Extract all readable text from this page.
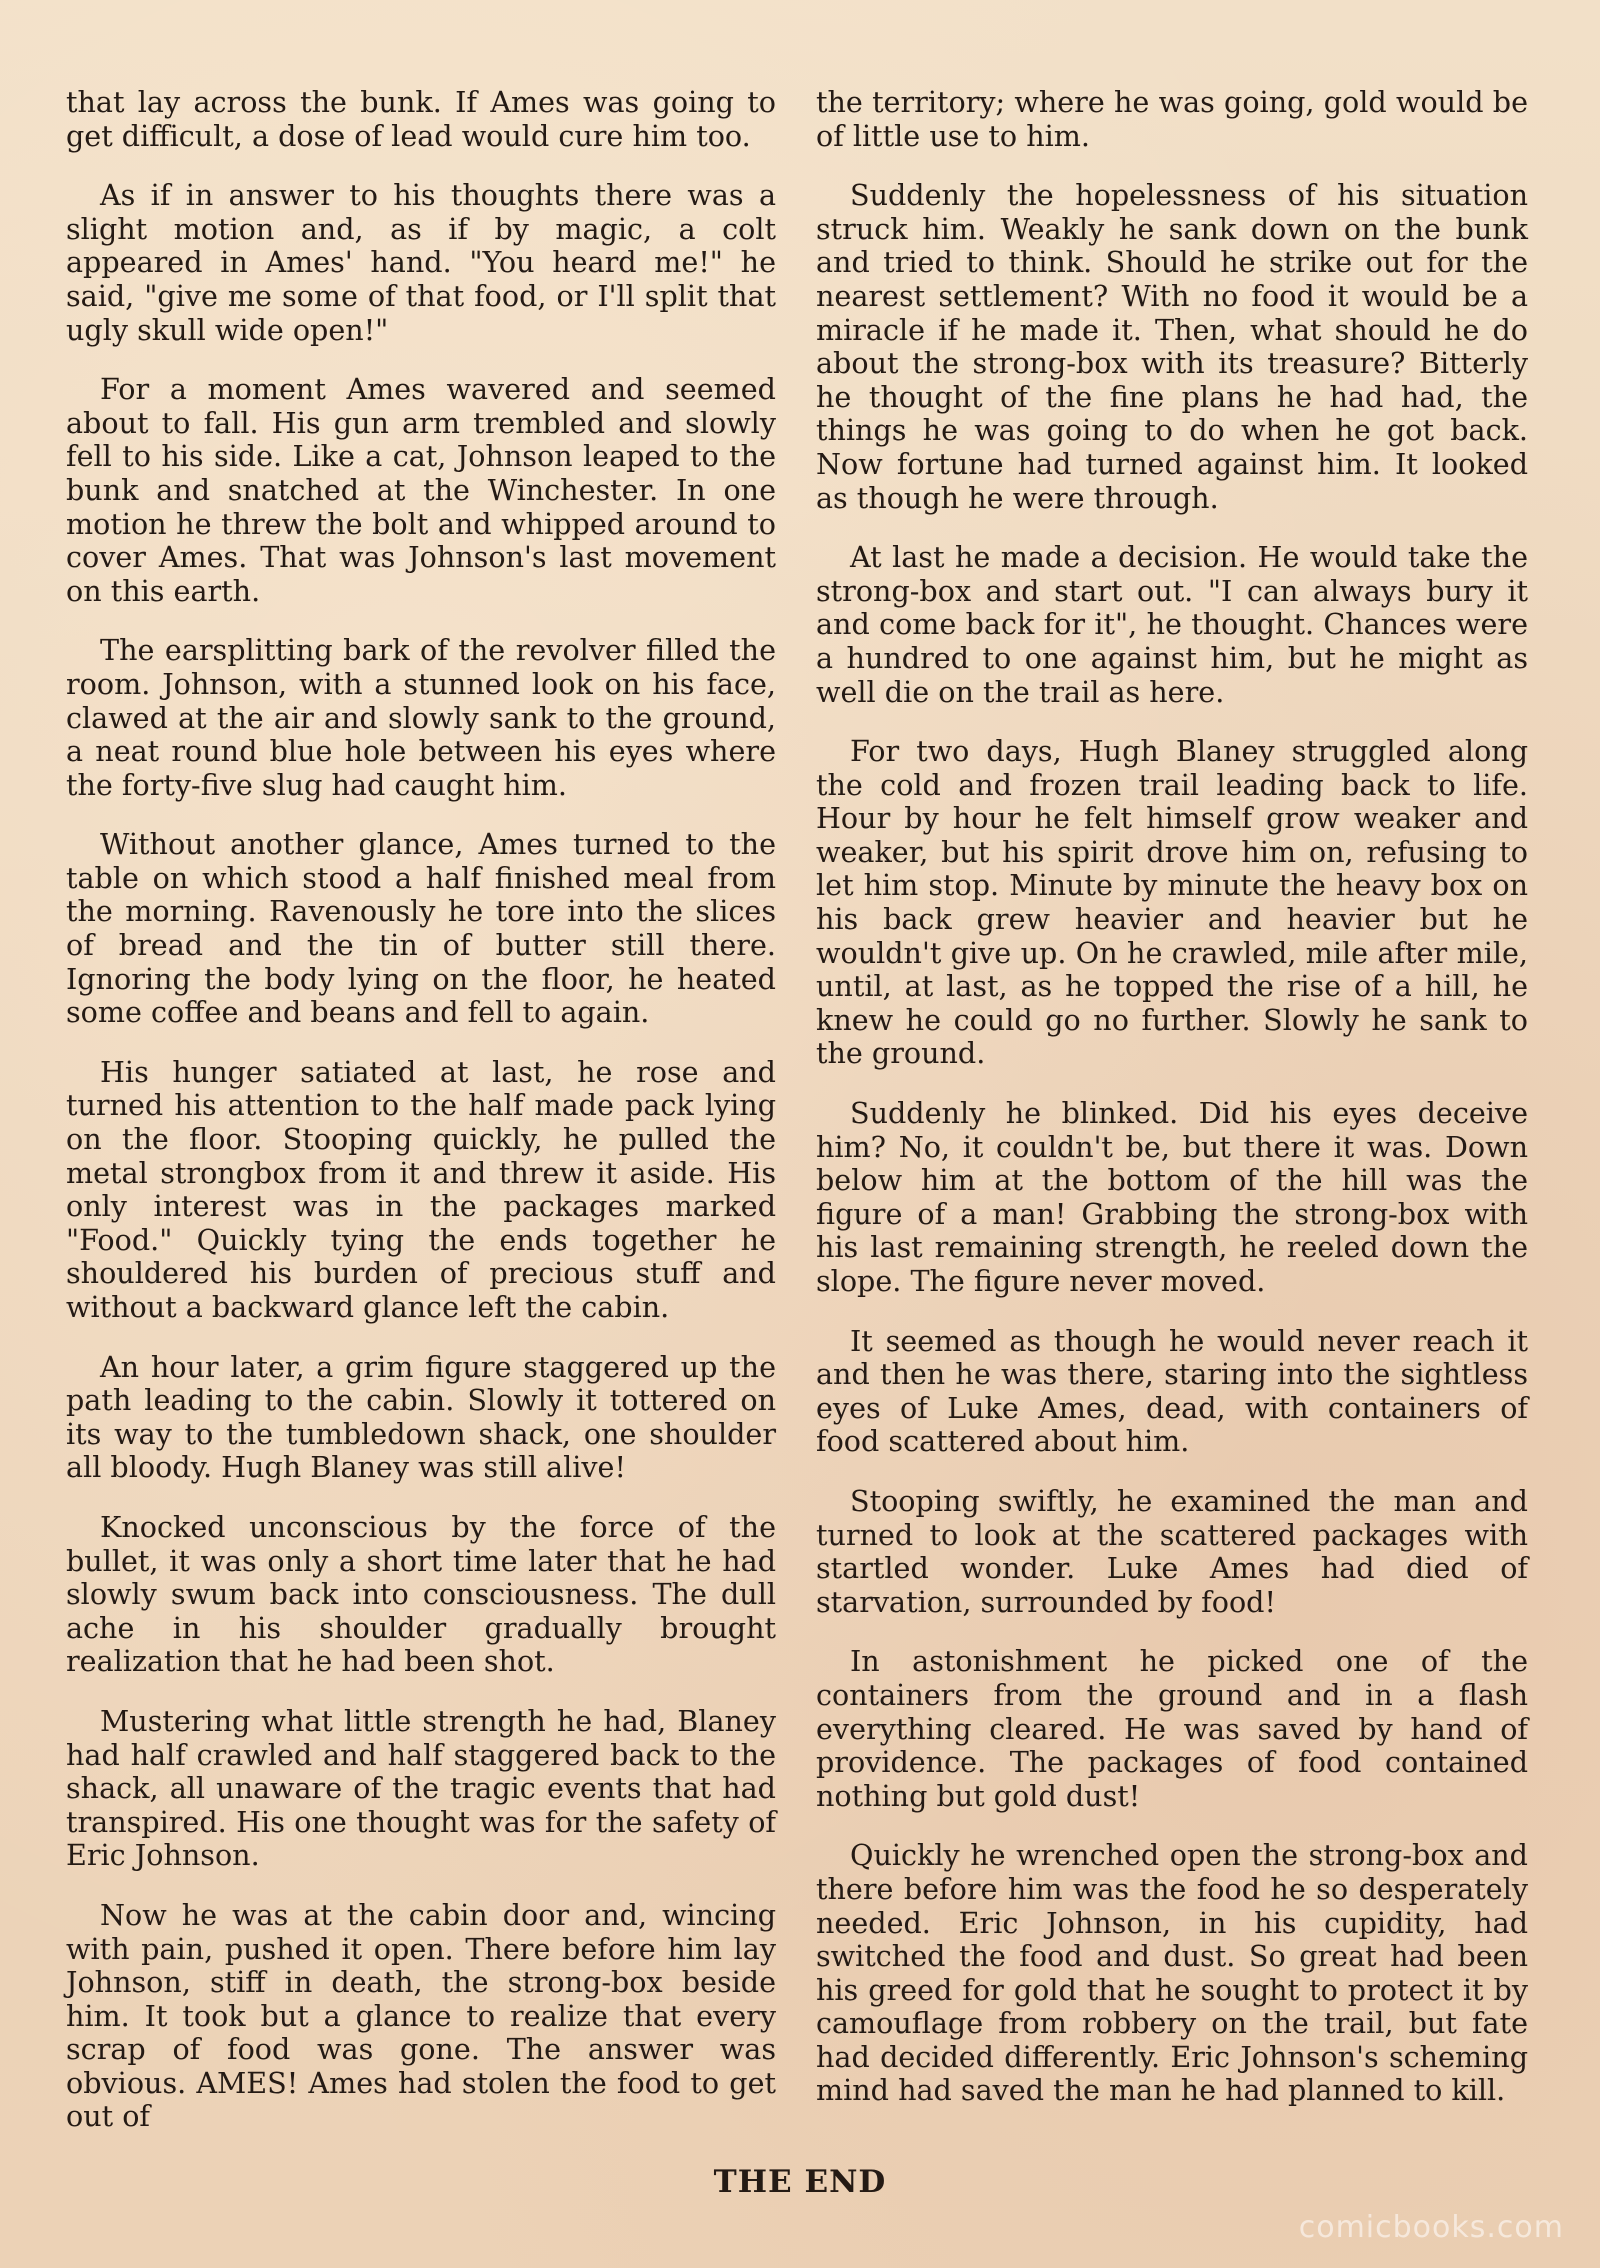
that lay across the bunk. If Ames was going to get difficult, a dose of lead would cure him too.

As if in answer to his thoughts there was a slight motion and, as if by magic, a colt appeared in Ames' hand. "You heard me!" he said, "give me some of that food, or I'll split that ugly skull wide open!"

For a moment Ames wavered and seemed about to fall. His gun arm trembled and slowly fell to his side. Like a cat, Johnson leaped to the bunk and snatched at the Winchester. In one motion he threw the bolt and whipped around to cover Ames. That was Johnson's last movement on this earth.

The earsplitting bark of the revolver filled the room. Johnson, with a stunned look on his face, clawed at the air and slowly sank to the ground, a neat round blue hole between his eyes where the forty-five slug had caught him.

Without another glance, Ames turned to the table on which stood a half finished meal from the morning. Ravenously he tore into the slices of bread and the tin of butter still there. Ignoring the body lying on the floor, he heated some coffee and beans and fell to again.

His hunger satiated at last, he rose and turned his attention to the half made pack lying on the floor. Stooping quickly, he pulled the metal strongbox from it and threw it aside. His only interest was in the packages marked "Food." Quickly tying the ends together he shouldered his burden of precious stuff and without a backward glance left the cabin.

An hour later, a grim figure staggered up the path leading to the cabin. Slowly it tottered on its way to the tumbledown shack, one shoulder all bloody. Hugh Blaney was still alive!

Knocked unconscious by the force of the bullet, it was only a short time later that he had slowly swum back into consciousness. The dull ache in his shoulder gradually brought realization that he had been shot.

Mustering what little strength he had, Blaney had half crawled and half staggered back to the shack, all unaware of the tragic events that had transpired. His one thought was for the safety of Eric Johnson.

Now he was at the cabin door and, wincing with pain, pushed it open. There before him lay Johnson, stiff in death, the strong-box beside him. It took but a glance to realize that every scrap of food was gone. The answer was obvious. AMES! Ames had stolen the food to get out of

the territory; where he was going, gold would be of little use to him.

Suddenly the hopelessness of his situation struck him. Weakly he sank down on the bunk and tried to think. Should he strike out for the nearest settlement? With no food it would be a miracle if he made it. Then, what should he do about the strong-box with its treasure? Bitterly he thought of the fine plans he had had, the things he was going to do when he got back. Now fortune had turned against him. It looked as though he were through.

At last he made a decision. He would take the strong-box and start out. "I can always bury it and come back for it", he thought. Chances were a hundred to one against him, but he might as well die on the trail as here.

For two days, Hugh Blaney struggled along the cold and frozen trail leading back to life. Hour by hour he felt himself grow weaker and weaker, but his spirit drove him on, refusing to let him stop. Minute by minute the heavy box on his back grew heavier and heavier but he wouldn't give up. On he crawled, mile after mile, until, at last, as he topped the rise of a hill, he knew he could go no further. Slowly he sank to the ground.

Suddenly he blinked. Did his eyes deceive him? No, it couldn't be, but there it was. Down below him at the bottom of the hill was the figure of a man! Grabbing the strong-box with his last remaining strength, he reeled down the slope. The figure never moved.

It seemed as though he would never reach it and then he was there, staring into the sightless eyes of Luke Ames, dead, with containers of food scattered about him.

Stooping swiftly, he examined the man and turned to look at the scattered packages with startled wonder. Luke Ames had died of starvation, surrounded by food!

In astonishment he picked one of the containers from the ground and in a flash everything cleared. He was saved by hand of providence. The packages of food contained nothing but gold dust!

Quickly he wrenched open the strong-box and there before him was the food he so desperately needed. Eric Johnson, in his cupidity, had switched the food and dust. So great had been his greed for gold that he sought to protect it by camouflage from robbery on the trail, but fate had decided differently. Eric Johnson's scheming mind had saved the man he had planned to kill.

THE END
comicbooks.com
